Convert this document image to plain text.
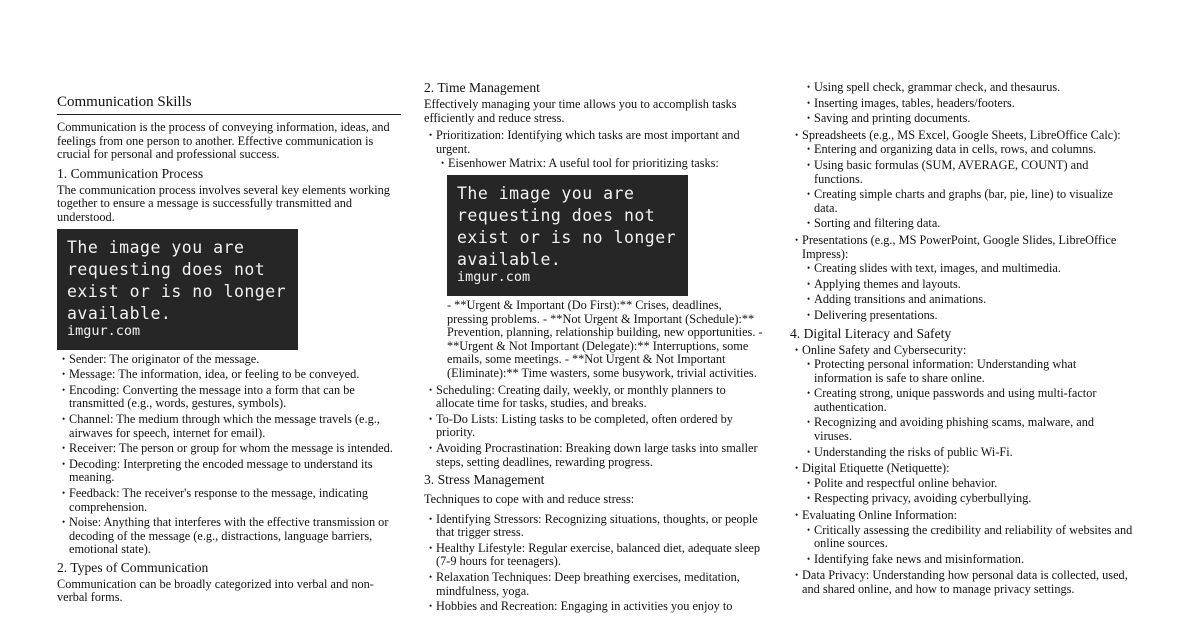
Communication Skills

Communication is the process of conveying information, ideas, and feelings from one person to another. Effective communication is crucial for personal and professional success.

1. Communication Process

The communication process involves several key elements working together to ensure a message is successfully transmitted and understood.

The image you are requesting does not exist or is no longer available.
imgur.com
• Sender: The originator of the message.
• Message: The information, idea, or feeling to be conveyed.
• Encoding: Converting the message into a form that can be transmitted (e.g., words, gestures, symbols).
• Channel: The medium through which the message travels (e.g., airwaves for speech, internet for email).
• Receiver: The person or group for whom the message is intended.
• Decoding: Interpreting the encoded message to understand its meaning.
• Feedback: The receiver's response to the message, indicating comprehension.
• Noise: Anything that interferes with the effective transmission or decoding of the message (e.g., distractions, language barriers, emotional state).
2. Types of Communication

Communication can be broadly categorized into verbal and non-verbal forms.

2. Time Management

Effectively managing your time allows you to accomplish tasks efficiently and reduce stress.

• Prioritization: Identifying which tasks are most important and urgent.
• Eisenhower Matrix: A useful tool for prioritizing tasks:
The image you are requesting does not exist or is no longer available.
imgur.com
- **Urgent & Important (Do First):** Crises, deadlines, pressing problems. - **Not Urgent & Important (Schedule):** Prevention, planning, relationship building, new opportunities. - **Urgent & Not Important (Delegate):** Interruptions, some emails, some meetings. - **Not Urgent & Not Important (Eliminate):** Time wasters, some busywork, trivial activities.
• Scheduling: Creating daily, weekly, or monthly planners to allocate time for tasks, studies, and breaks.
• To-Do Lists: Listing tasks to be completed, often ordered by priority.
• Avoiding Procrastination: Breaking down large tasks into smaller steps, setting deadlines, rewarding progress.
3. Stress Management

Techniques to cope with and reduce stress:

• Identifying Stressors: Recognizing situations, thoughts, or people that trigger stress.
• Healthy Lifestyle: Regular exercise, balanced diet, adequate sleep (7-9 hours for teenagers).
• Relaxation Techniques: Deep breathing exercises, meditation, mindfulness, yoga.
• Hobbies and Recreation: Engaging in activities you enjoy to
• Using spell check, grammar check, and thesaurus.
• Inserting images, tables, headers/footers.
• Saving and printing documents.
• Spreadsheets (e.g., MS Excel, Google Sheets, LibreOffice Calc):
• Entering and organizing data in cells, rows, and columns.
• Using basic formulas (SUM, AVERAGE, COUNT) and functions.
• Creating simple charts and graphs (bar, pie, line) to visualize data.
• Sorting and filtering data.
• Presentations (e.g., MS PowerPoint, Google Slides, LibreOffice Impress):
• Creating slides with text, images, and multimedia.
• Applying themes and layouts.
• Adding transitions and animations.
• Delivering presentations.
4. Digital Literacy and Safety
• Online Safety and Cybersecurity:
• Protecting personal information: Understanding what information is safe to share online.
• Creating strong, unique passwords and using multi-factor authentication.
• Recognizing and avoiding phishing scams, malware, and viruses.
• Understanding the risks of public Wi-Fi.
• Digital Etiquette (Netiquette):
• Polite and respectful online behavior.
• Respecting privacy, avoiding cyberbullying.
• Evaluating Online Information:
• Critically assessing the credibility and reliability of websites and online sources.
• Identifying fake news and misinformation.
• Data Privacy: Understanding how personal data is collected, used, and shared online, and how to manage privacy settings.
